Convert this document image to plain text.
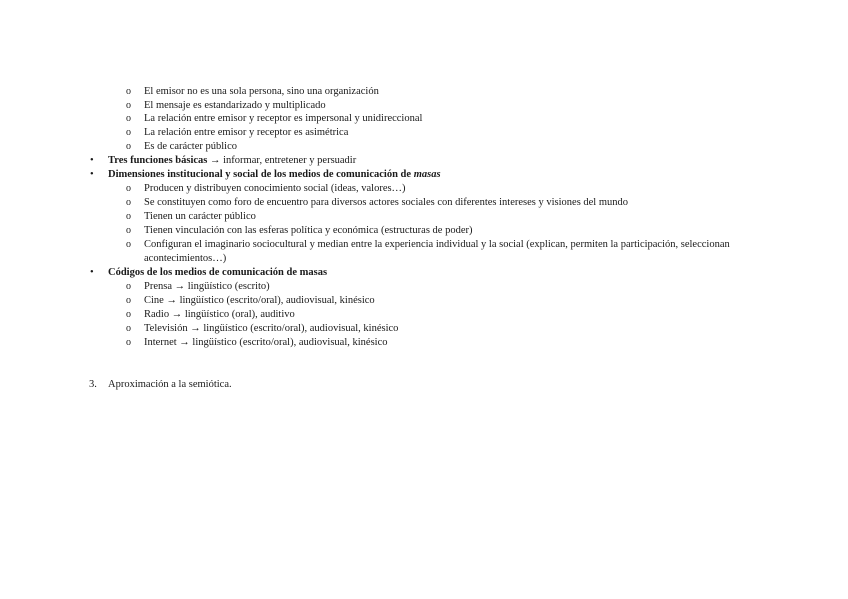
o El emisor no es una sola persona, sino una organización
o El mensaje es estandarizado y multiplicado
o La relación entre emisor y receptor es impersonal y unidireccional
o La relación entre emisor y receptor es asimétrica
o Es de carácter público
•	Tres funciones básicas → informar, entretener y persuadir
•	Dimensiones institucional y social de los medios de comunicación de masas
o Producen y distribuyen conocimiento social (ideas, valores…)
o Se constituyen como foro de encuentro para diversos actores sociales con diferentes intereses y visiones del mundo
o Tienen un carácter público
o Tienen vinculación con las esferas política y económica (estructuras de poder)
o Configuran el imaginario sociocultural y median entre la experiencia individual y la social (explican, permiten la participación, seleccionan
acontecimientos…)
•	Códigos de los medios de comunicación de masas
o Prensa → lingüístico (escrito)
o Cine → lingüístico (escrito/oral), audiovisual, kinésico
o Radio → lingüístico (oral), auditivo
o Televisión → lingüístico (escrito/oral), audiovisual, kinésico
o Internet → lingüístico (escrito/oral), audiovisual, kinésico
3. Aproximación a la semiótica.
